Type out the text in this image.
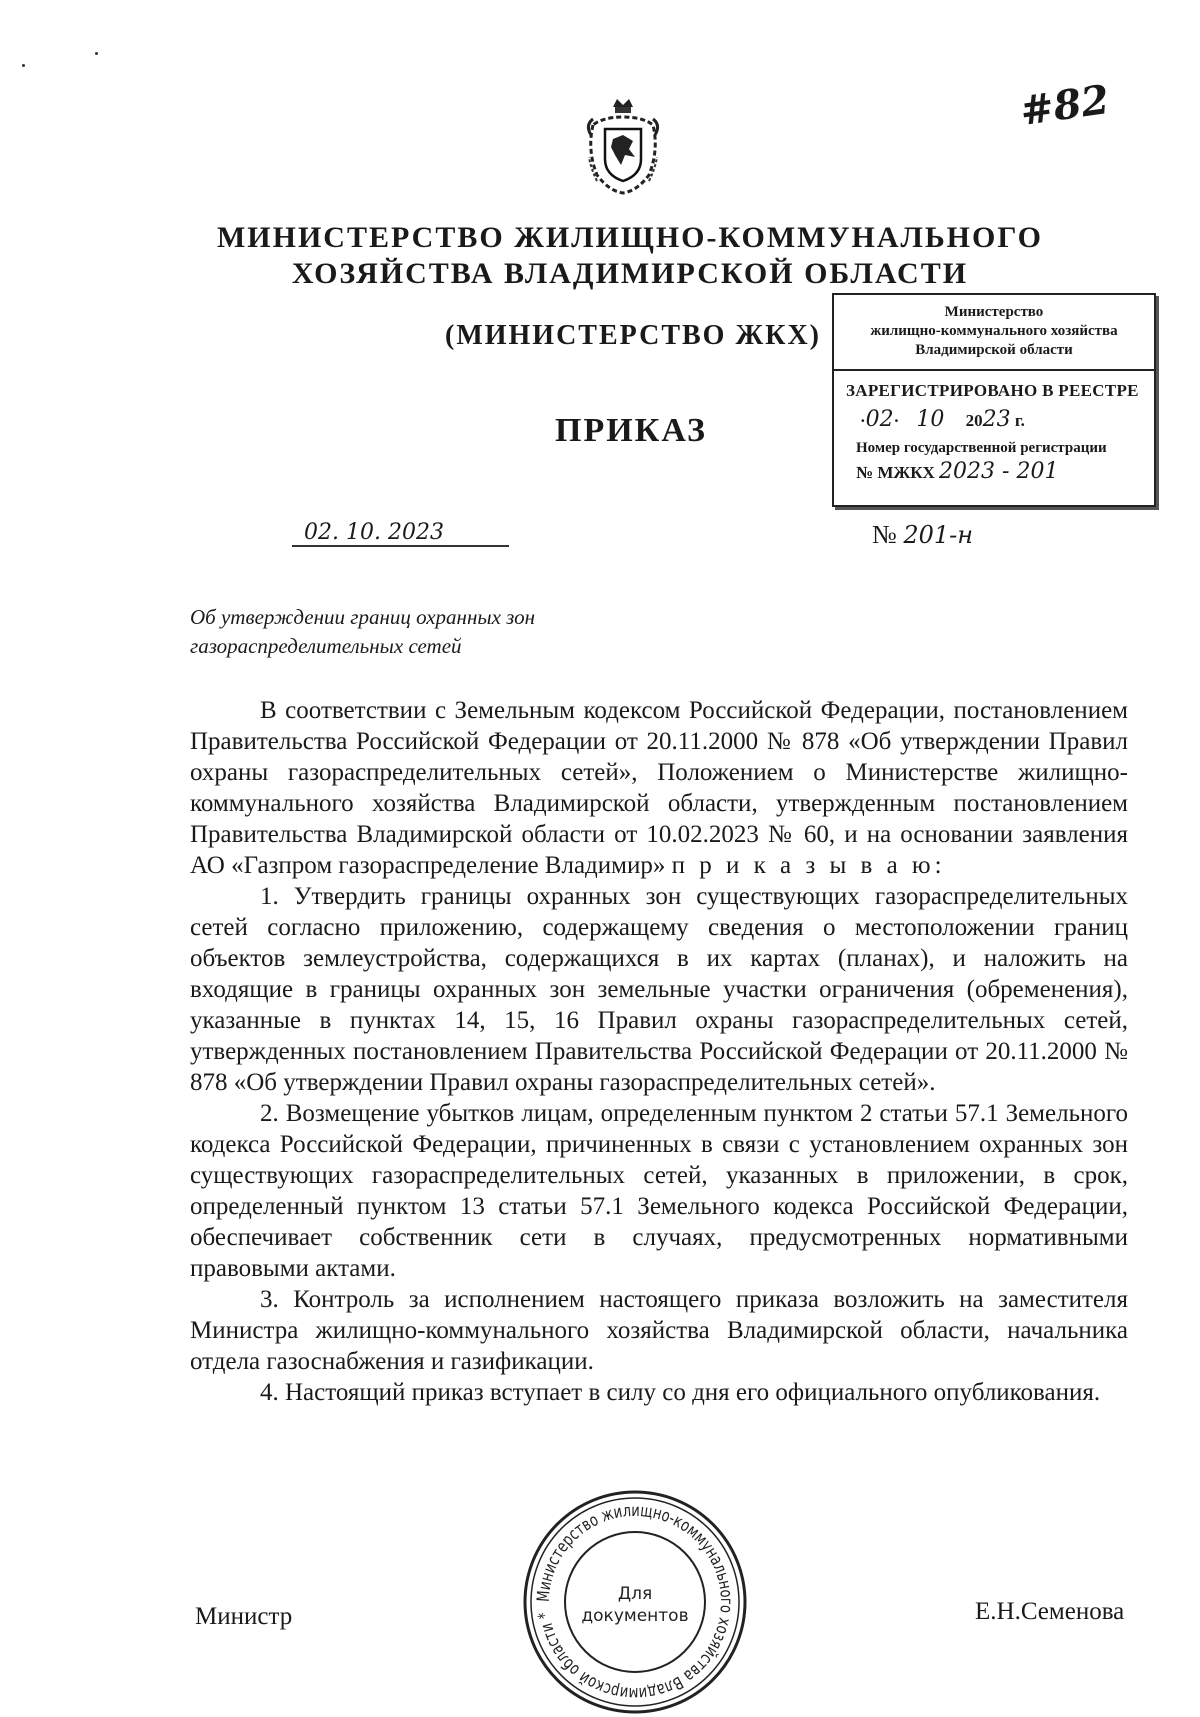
#82
МИНИСТЕРСТВО ЖИЛИЩНО-КОММУНАЛЬНОГО
ХОЗЯЙСТВА ВЛАДИМИРСКОЙ ОБЛАСТИ
(МИНИСТЕРСТВО ЖКХ)
ПРИКАЗ
Министерство
жилищно-коммунального хозяйства
Владимирской области
ЗАРЕГИСТРИРОВАНО В РЕЕСТРЕ
·02·    10 2023 г.
Номер государственной регистрации
№ МЖКХ 2023 - 201
02. 10. 2023	№ 201-н
Об утверждении границ охранных зон
газораспределительных сетей

В соответствии с Земельным кодексом Российской Федерации, постановлением Правительства Российской Федерации от 20.11.2000 № 878 «Об утверждении Правил охраны газораспределительных сетей», Положением о Министерстве жилищно-коммунального хозяйства Владимирской области, утвержденным постановлением Правительства Владимирской области от 10.02.2023 № 60, и на основании заявления АО «Газпром газораспределение Владимир» п р и к а з ы в а ю:

1. Утвердить границы охранных зон существующих газораспределительных сетей согласно приложению, содержащему сведения о местоположении границ объектов землеустройства, содержащихся в их картах (планах), и наложить на входящие в границы охранных зон земельные участки ограничения (обременения), указанные в пунктах 14, 15, 16 Правил охраны газораспределительных сетей, утвержденных постановлением Правительства Российской Федерации от 20.11.2000 № 878 «Об утверждении Правил охраны газораспределительных сетей».

2. Возмещение убытков лицам, определенным пунктом 2 статьи 57.1 Земельного кодекса Российской Федерации, причиненных в связи с установлением охранных зон существующих газораспределительных сетей, указанных в приложении, в срок, определенный пунктом 13 статьи 57.1 Земельного кодекса Российской Федерации, обеспечивает собственник сети в случаях, предусмотренных нормативными правовыми актами.

3. Контроль за исполнением настоящего приказа возложить на заместителя Министра жилищно-коммунального хозяйства Владимирской области, начальника отдела газоснабжения и газификации.

4. Настоящий приказ вступает в силу со дня его официального опубликования.

Министр	Е.Н.Семенова
Министерство жилищно-коммунального хозяйства Владимирской области *
Для
документов
